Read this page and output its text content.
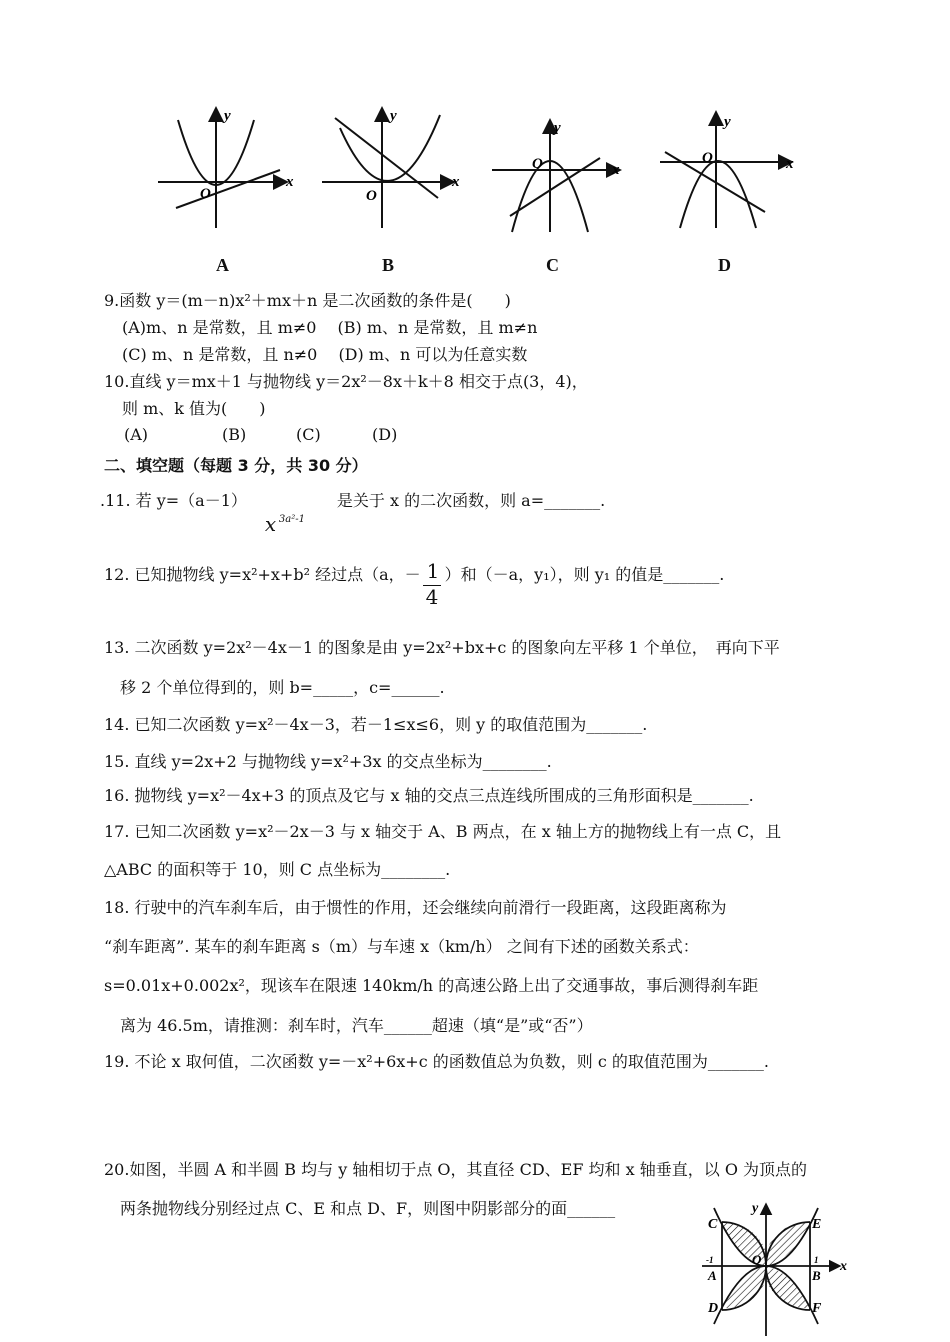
y
x
O
y
x
O
y
x
O
y
x
O
A	B	C	D
9.函数 y＝(m－n)x²＋mx＋n 是二次函数的条件是(　　)
(A)m、n 是常数，且 m≠0　 (B) m、n 是常数，且 m≠n
(C) m、n 是常数，且 n≠0　 (D) m、n 可以为任意实数
10.直线 y＝mx＋1 与抛物线 y＝2x²－8x＋k＋8 相交于点(3，4)，
则 m、k 值为(　　)
(A)	(B)	(C)	(D)
二、填空题（每题 3 分，共 30 分）
.11. 若 y=（a－1）
x 3a²-1
是关于 x 的二次函数，则 a=_______.
12. 已知抛物线 y=x²+x+b² 经过点（a，－
$\frac{1}{4}$
）和（－a，y₁），则 y₁ 的值是_______.
13. 二次函数 y=2x²－4x－1 的图象是由 y=2x²+bx+c 的图象向左平移 1 个单位，　再向下平
移 2 个单位得到的，则 b=_____，c=______.
14. 已知二次函数 y=x²－4x－3，若－1≤x≤6，则 y 的取值范围为_______.
15. 直线 y=2x+2 与抛物线 y=x²+3x 的交点坐标为________.
16. 抛物线 y=x²－4x+3 的顶点及它与 x 轴的交点三点连线所围成的三角形面积是_______.
17. 已知二次函数 y=x²－2x－3 与 x 轴交于 A、B 两点，在 x 轴上方的抛物线上有一点 C，且
△ABC 的面积等于 10，则 C 点坐标为________.
18. 行驶中的汽车刹车后，由于惯性的作用，还会继续向前滑行一段距离，这段距离称为
“刹车距离”. 某车的刹车距离 s（m）与车速 x（km/h） 之间有下述的函数关系式：
s=0.01x+0.002x²，现该车在限速 140km/h 的高速公路上出了交通事故，事后测得刹车距
离为 46.5m，请推测：刹车时，汽车______超速（填“是”或“否”）
19. 不论 x 取何值，二次函数 y=－x²+6x+c 的函数值总为负数，则 c 的取值范围为_______.
20.如图，半圆 A 和半圆 B 均与 y 轴相切于点 O，其直径 CD、EF 均和 x 轴垂直，以 O 为顶点的
两条抛物线分别经过点 C、E 和点 D、F，则图中阴影部分的面______
C
D
E
F
A	B
O	x
y
-1	1
